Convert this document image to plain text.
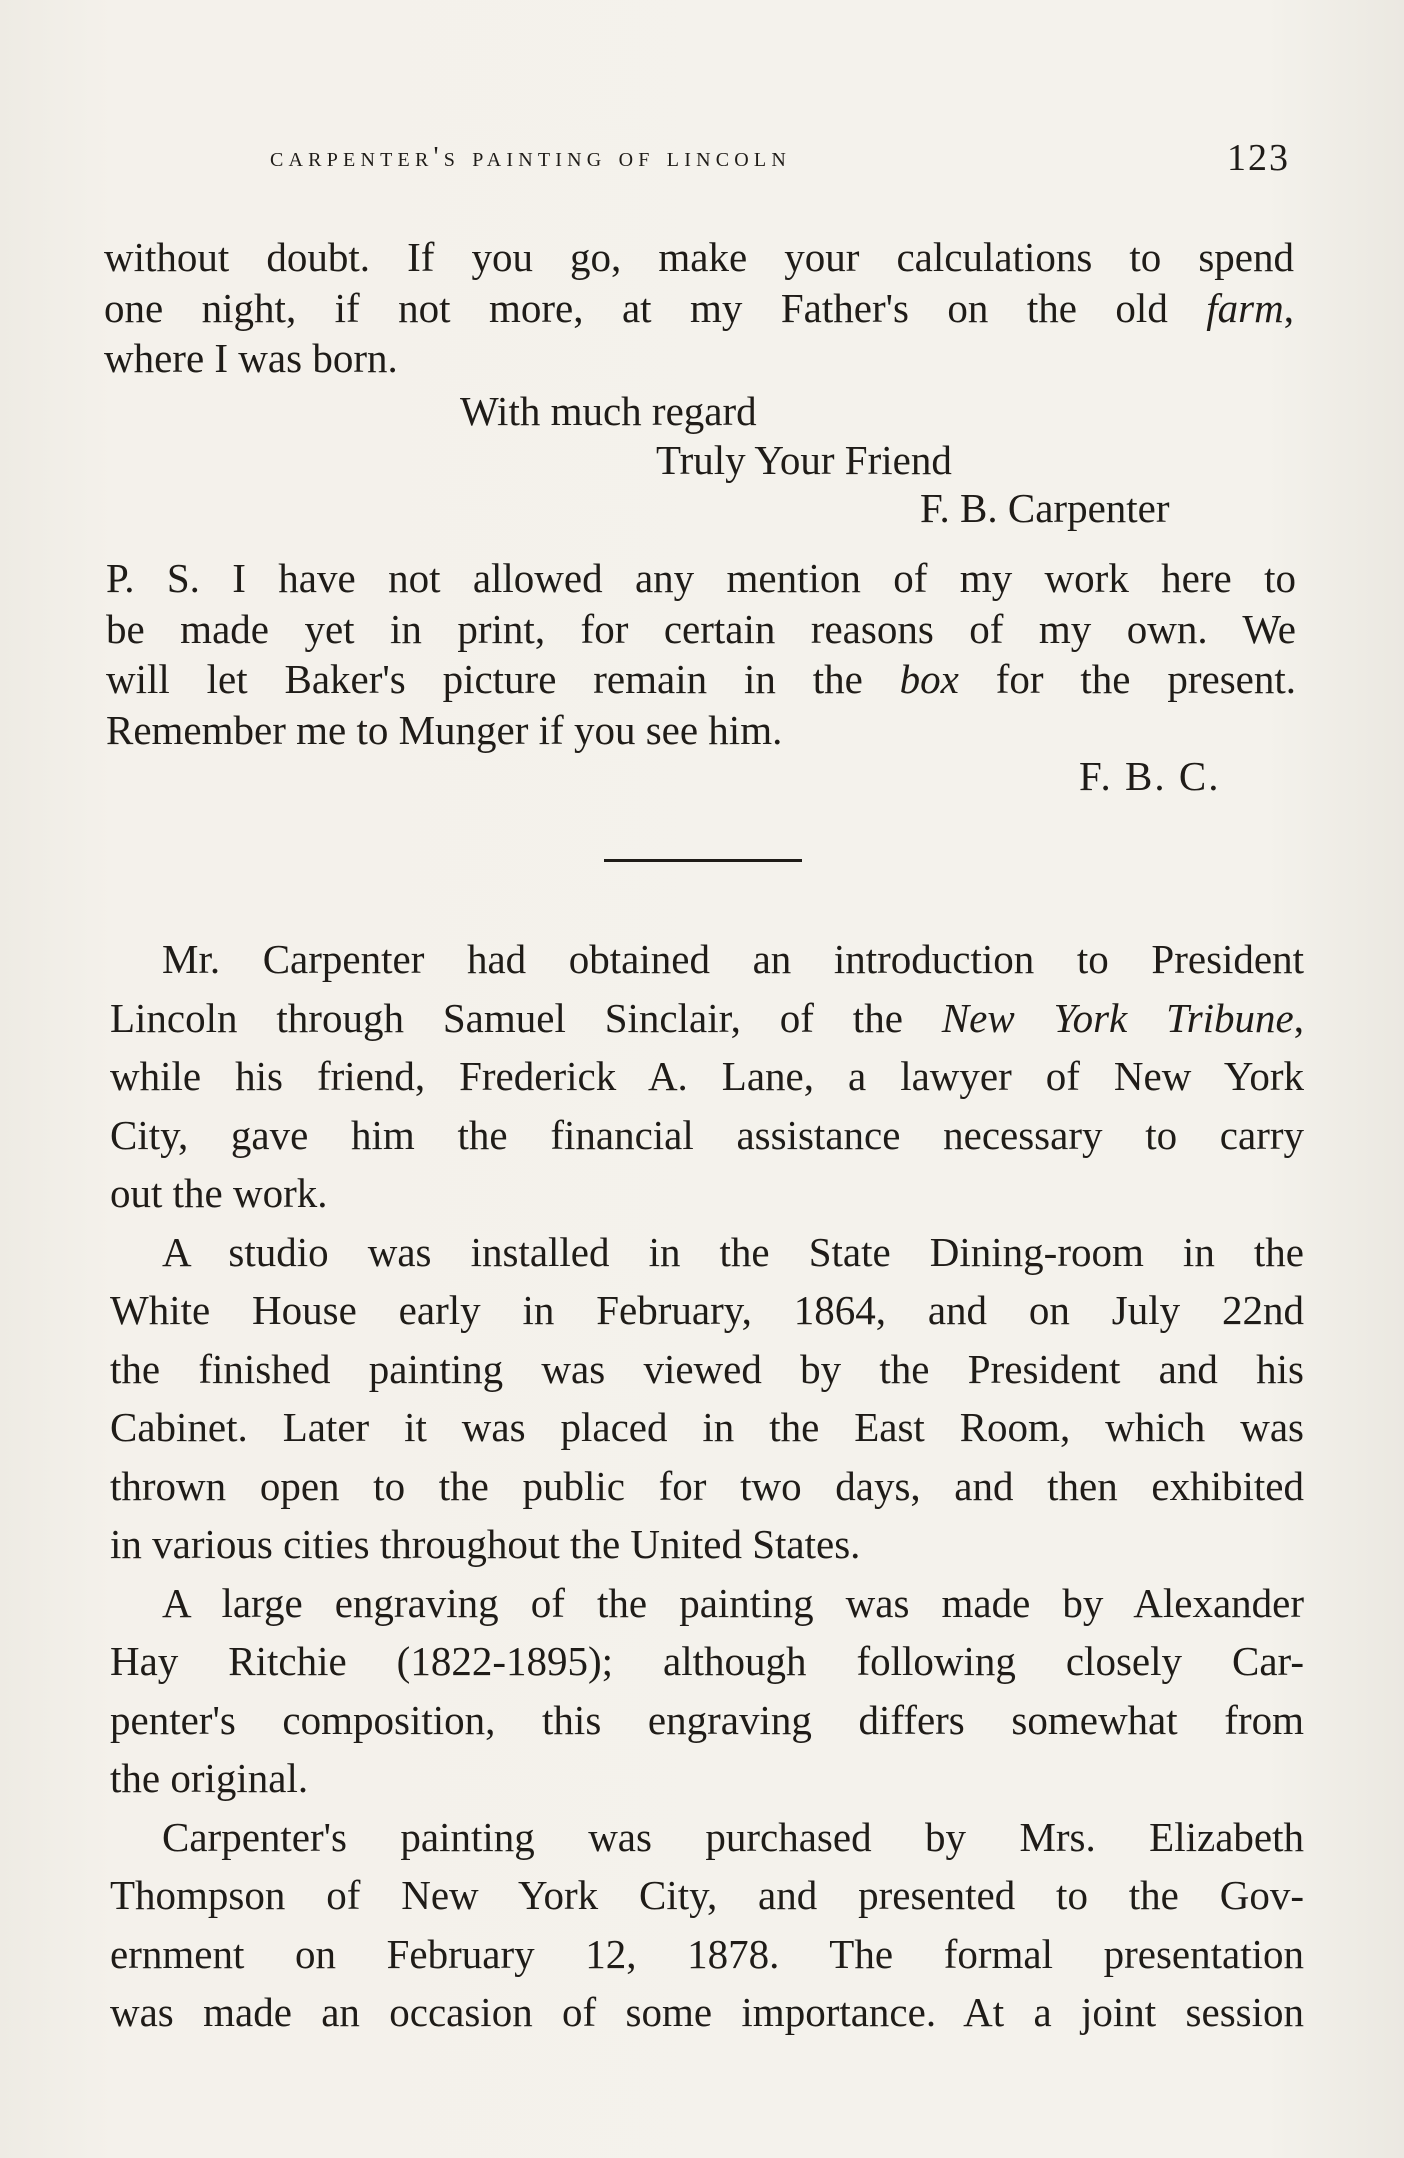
carpenter's painting of lincoln	123
without doubt. If you go, make your calculations to spend
one night, if not more, at my Father's on the old farm,
where I was born.
With much regard
Truly Your Friend
F. B. Carpenter
P. S. I have not allowed any mention of my work here to
be made yet in print, for certain reasons of my own. We
will let Baker's picture remain in the box for the present.
Remember me to Munger if you see him.
F. B. C.
Mr. Carpenter had obtained an introduction to President
Lincoln through Samuel Sinclair, of the New York Tribune,
while his friend, Frederick A. Lane, a lawyer of New York
City, gave him the financial assistance necessary to carry
out the work.
A studio was installed in the State Dining-room in the
White House early in February, 1864, and on July 22nd
the finished painting was viewed by the President and his
Cabinet. Later it was placed in the East Room, which was
thrown open to the public for two days, and then exhibited
in various cities throughout the United States.
A large engraving of the painting was made by Alexander
Hay Ritchie (1822-1895); although following closely Car-
penter's composition, this engraving differs somewhat from
the original.
Carpenter's painting was purchased by Mrs. Elizabeth
Thompson of New York City, and presented to the Gov-
ernment on February 12, 1878. The formal presentation
was made an occasion of some importance. At a joint session
